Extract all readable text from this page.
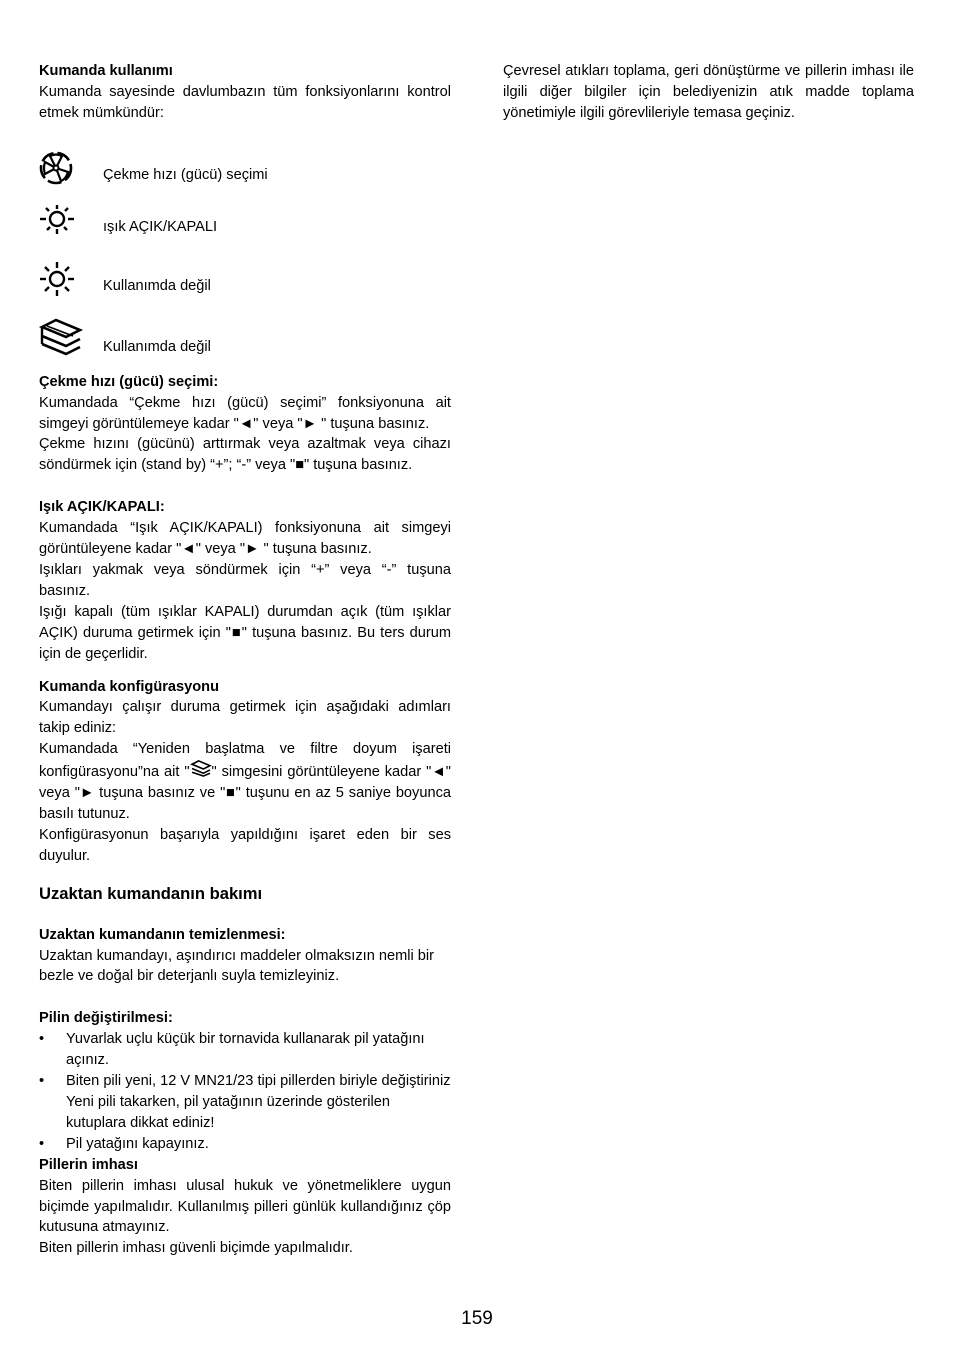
Kumanda kullanımı

Kumanda sayesinde davlumbazın tüm fonksiyonlarını kontrol etmek mümkündür:

Çekme hızı (gücü) seçimi
ışık AÇIK/KAPALI
Kullanımda değil
Kullanımda değil

Çekme hızı (gücü) seçimi:

Kumandada “Çekme hızı (gücü) seçimi” fonksiyonuna ait simgeyi görüntülemeye kadar "◄" veya "► " tuşuna basınız.

Çekme hızını (gücünü) arttırmak veya azaltmak veya cihazı söndürmek için (stand by) “+”; “-” veya "■" tuşuna basınız.

Işık AÇIK/KAPALI:

Kumandada “Işık AÇIK/KAPALI) fonksiyonuna ait simgeyi görüntüleyene kadar "◄" veya "► " tuşuna basınız.

Işıkları yakmak veya söndürmek için “+” veya “-” tuşuna basınız.

Işığı kapalı (tüm ışıklar KAPALI) durumdan açık (tüm ışıklar AÇIK) duruma getirmek için "■" tuşuna basınız. Bu ters durum için de geçerlidir.

Kumanda konfigürasyonu

Kumandayı çalışır duruma getirmek için aşağıdaki adımları takip ediniz:

Kumandada “Yeniden başlatma ve filtre doyum işareti konfigürasyonu”na ait " " simgesini görüntüleyene kadar "◄" veya "► tuşuna basınız ve "■" tuşunu en az 5 saniye boyunca basılı tutunuz.

Konfigürasyonun başarıyla yapıldığını işaret eden bir ses duyulur.

Uzaktan kumandanın bakımı

Uzaktan kumandanın temizlenmesi:

Uzaktan kumandayı, aşındırıcı maddeler olmaksızın nemli bir bezle ve doğal bir deterjanlı suyla temizleyiniz.

Pilin değiştirilmesi:

• Yuvarlak uçlu küçük bir tornavida kullanarak pil yatağını açınız.
• Biten pili yeni, 12 V MN21/23 tipi pillerden biriyle değiştiriniz
Yeni pili takarken, pil yatağının üzerinde gösterilen kutuplara dikkat ediniz!
• Pil yatağını kapayınız.

Pillerin imhası

Biten pillerin imhası ulusal hukuk ve yönetmeliklere uygun biçimde yapılmalıdır. Kullanılmış pilleri günlük kullandığınız çöp kutusuna atmayınız.

Biten pillerin imhası güvenli biçimde yapılmalıdır.

Çevresel atıkları toplama, geri dönüştürme ve pillerin imhası ile ilgili diğer bilgiler için belediyenizin atık madde toplama yönetimiyle ilgili görevlileriyle temasa geçiniz.

159
